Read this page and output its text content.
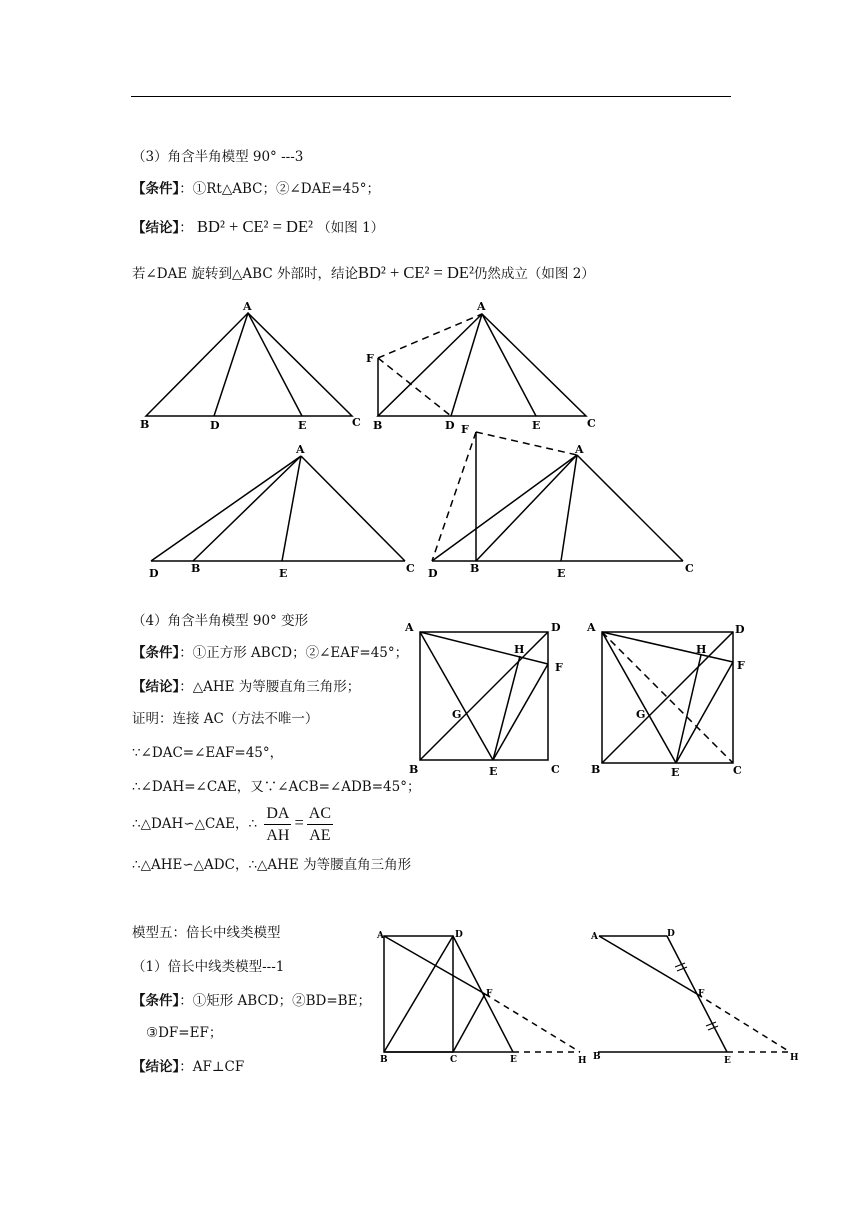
（3）角含半角模型 90° ---3
【条件】：①Rt△ABC；②∠DAE=45°；
【结论】： BD² + CE² = DE² （如图 1）
若∠DAE 旋转到△ABC 外部时，结论BD² + CE² = DE²仍然成立（如图 2）
（4）角含半角模型 90° 变形
【条件】：①正方形 ABCD；②∠EAF=45°；
【结论】：△AHE 为等腰直角三角形；
证明：连接 AC（方法不唯一）
∵∠DAC=∠EAF=45°，
∴∠DAH=∠CAE，又∵∠ACB=∠ADB=45°；
∴△DAH∽△CAE，∴ $\frac{DA}{AH} = \frac{AC}{AE}$
∴△AHE∽△ADC，∴△AHE 为等腰直角三角形
模型五：倍长中线类模型
（1）倍长中线类模型---1
【条件】：①矩形 ABCD；②BD=BE；
③DF=EF；
【结论】：AF⊥CF
A
B	D	E	C
A
F
B	D	E	C
A
D	B	E	C
F
A
D	B	E	C
A	D
H
F
G
B	E	C
A	D
H
F
G
B	E	C
A	D
F
B	C	E	H
A	D
F
B	E	H
